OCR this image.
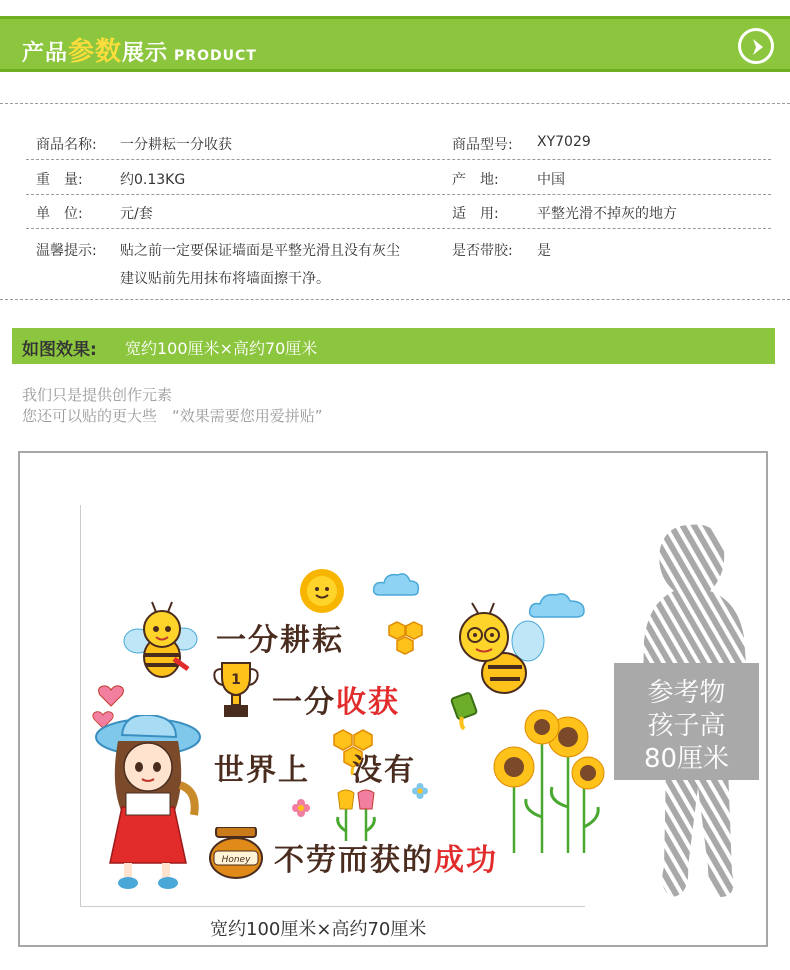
产品参数展示 PRODUCT
商品名称:	一分耕耘一分收获	商品型号:	XY7029
重　量:	约0.13KG	产　地:	中国
单　位:	元/套	适　用:	平整光滑不掉灰的地方
温馨提示: 贴之前一定要保证墙面是平整光滑且没有灰尘
建议贴前先用抹布将墙面擦干净。
是否带胶: 是
如图效果: 宽约100厘米×高约70厘米
我们只是提供创作元素
您还可以贴的更大些　“效果需要您用爱拼贴”
1
Honey
一分耕耘
一分收获
世界上 没有
不劳而获的成功
参考物
孩子高
80厘米
宽约100厘米×高约70厘米
